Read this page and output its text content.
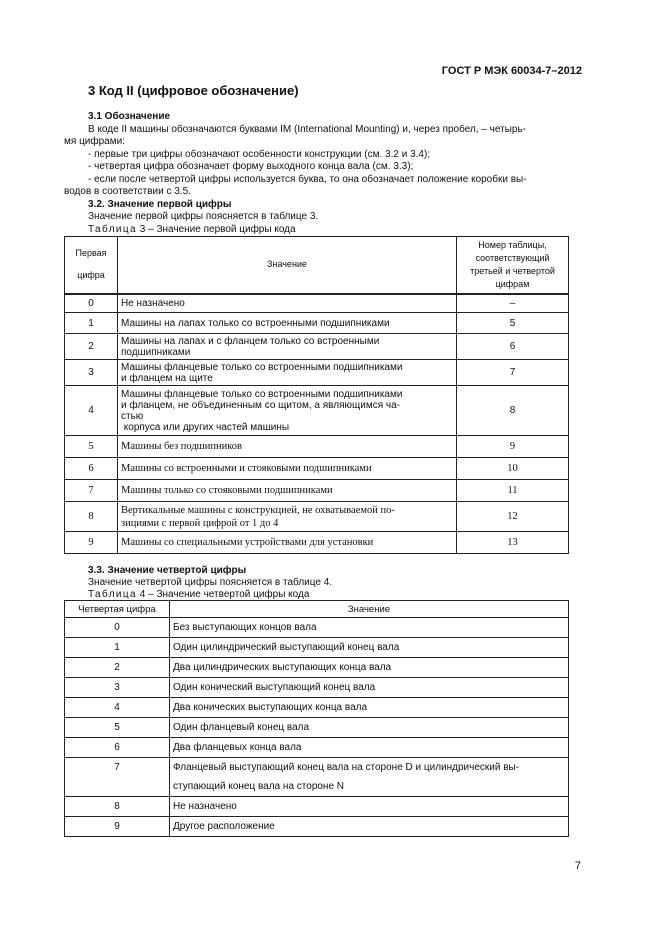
ГОСТ Р МЭК 60034-7–2012
3 Код II (цифровое обозначение)
3.1 Обозначение
В коде II машины обозначаются буквами IM (International Mounting) и, через пробел, – четырь-
мя цифрами:
- первые три цифры обозначают особенности конструкции (см. 3.2 и 3.4);
- четвертая цифра обозначает форму выходного конца вала (см. 3.3);
- если после четвертой цифры используется буква, то она обозначает положение коробки вы-
водов в соответствии с 3.5.
3.2. Значение первой цифры
Значение первой цифры поясняется в таблице 3.
Таблица 3 – Значение первой цифры кода
Первая

цифра	Значение	Номер таблицы,
соответствующий
третьей и четвертой
цифрам
0	Не назначено	–
1	Машины на лапах только со встроенными подшипниками	5
2	Машины на лапах и с фланцем только со встроенными
подшипниками	6
3	Машины фланцевые только со встроенными подшипниками
и фланцем на щите	7
4	Машины фланцевые только со встроенными подшипниками
и фланцем, не объединенным со щитом, а являющимся ча-
стью
корпуса или других частей машины	8
5	Машины без подшипников	9
6	Машины со встроенными и стояковыми подшипниками	10
7	Машины только со стояковыми подшипниками	11
8	Вертикальные машины с конструкцией, не охватываемой по-
зициями с первой цифрой от 1 до 4	12
9	Машины со специальными устройствами для установки	13
3.3. Значение четвертой цифры
Значение четвертой цифры поясняется в таблице 4.
Таблица 4 – Значение четвертой цифры кода
Четвертая цифра	Значение
0	Без выступающих концов вала
1	Один цилиндрический выступающий конец вала
2	Два цилиндрических выступающих конца вала
3	Один конический выступающий конец вала
4	Два конических выступающих конца вала
5	Один фланцевый конец вала
6	Два фланцевых конца вала
7	Фланцевый выступающий конец вала на стороне D и цилиндрический вы-
ступающий конец вала на стороне N
8	Не назначено
9	Другое расположение
7
